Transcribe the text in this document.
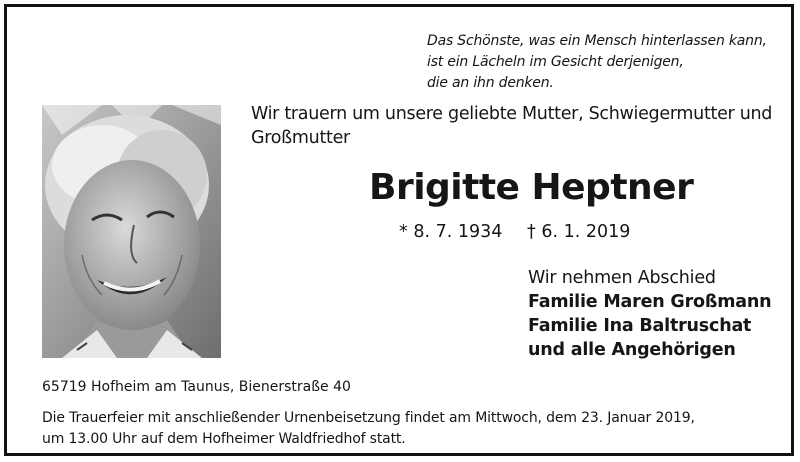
Das Schönste, was ein Mensch hinterlassen kann,
ist ein Lächeln im Gesicht derjenigen,
die an ihn denken.
Wir trauern um unsere geliebte Mutter, Schwiegermutter und
Großmutter
Brigitte Heptner
* 8. 7. 1934 † 6. 1. 2019
Wir nehmen Abschied
Familie Maren Großmann
Familie Ina Baltruschat
und alle Angehörigen
65719 Hofheim am Taunus, Bienerstraße 40
Die Trauerfeier mit anschließender Urnenbeisetzung findet am Mittwoch, dem 23. Januar 2019,
um 13.00 Uhr auf dem Hofheimer Waldfriedhof statt.
